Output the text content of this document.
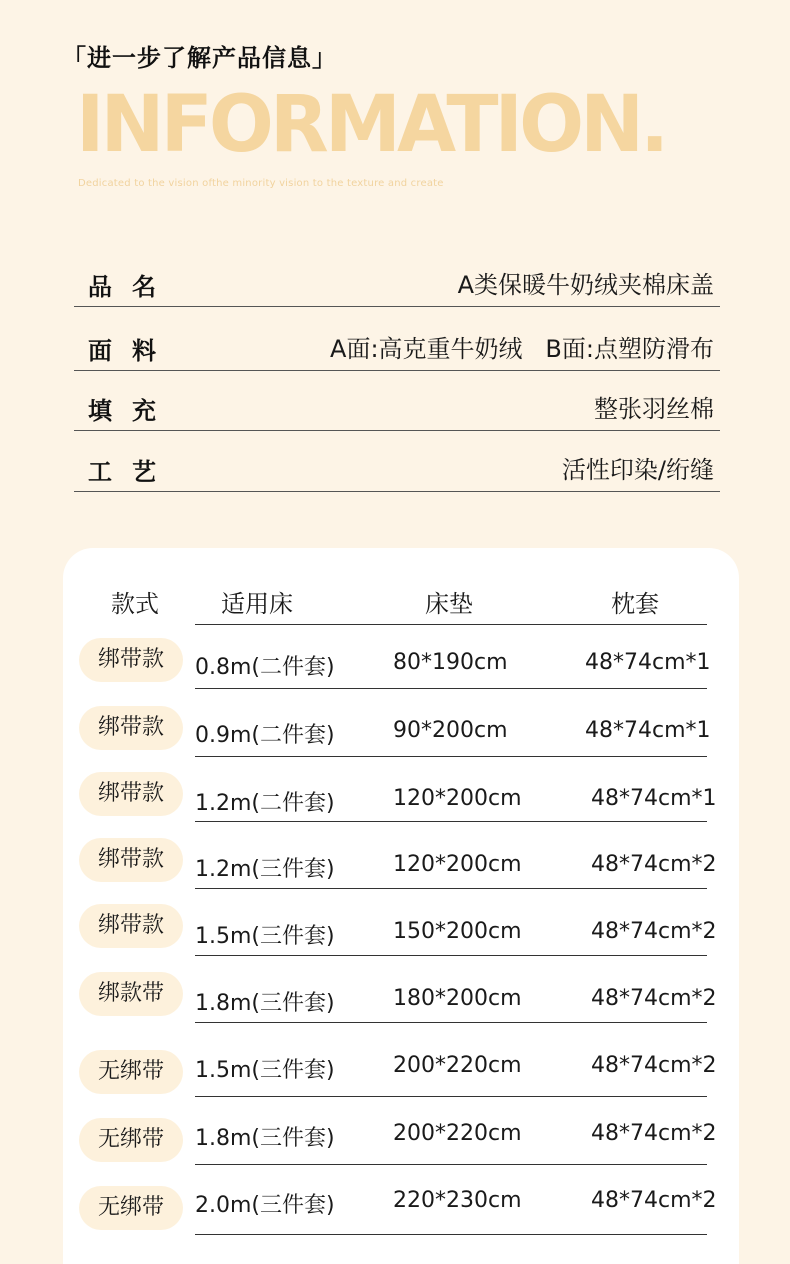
「进一步了解产品信息」
INFORMATION.
Dedicated to the vision ofthe minority vision to the texture and create
品名	A类保暖牛奶绒夹棉床盖
面料	A面:高克重牛奶绒   B面:点塑防滑布
填充	整张羽丝棉
工艺	活性印染/绗缝
款式	适用床	床垫	枕套
绑带款	0.8m(二件套)	80*190cm	48*74cm*1
绑带款	0.9m(二件套)	90*200cm	48*74cm*1
绑带款	1.2m(二件套)	120*200cm	48*74cm*1
绑带款	1.2m(三件套)	120*200cm	48*74cm*2
绑带款	1.5m(三件套)	150*200cm	48*74cm*2
绑款带	1.8m(三件套)	180*200cm	48*74cm*2
无绑带	1.5m(三件套)	200*220cm	48*74cm*2
无绑带	1.8m(三件套)	200*220cm	48*74cm*2
无绑带	2.0m(三件套)	220*230cm	48*74cm*2
